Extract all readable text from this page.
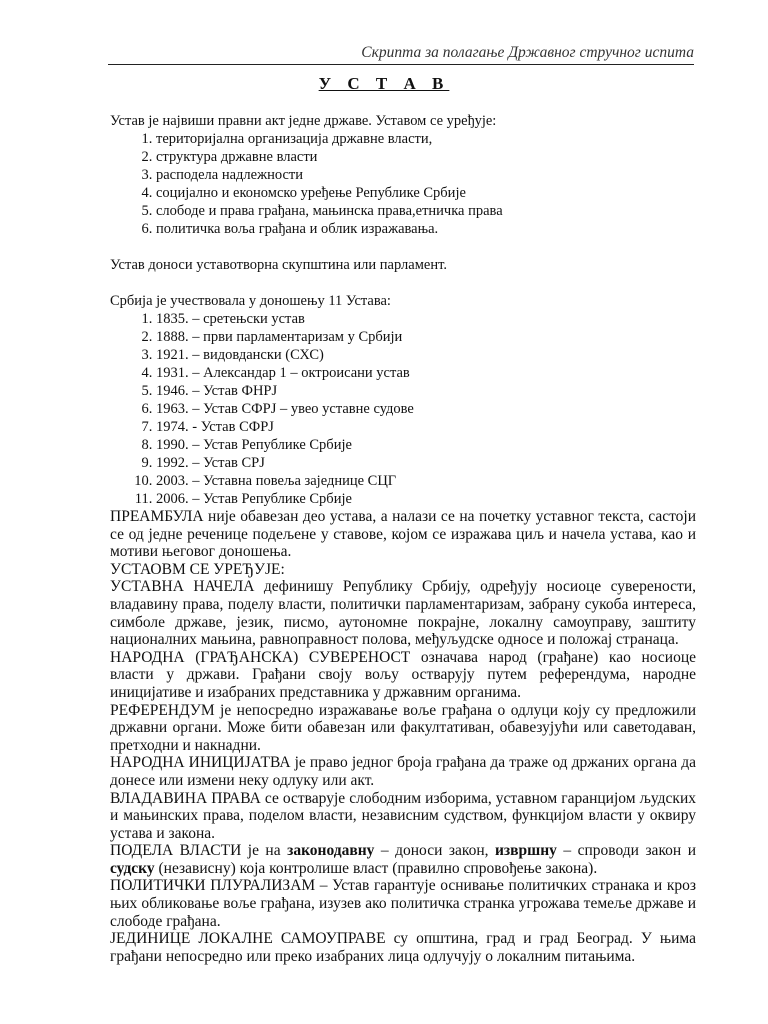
Скрипта за полагање Државног стручног испита
У С Т А В

Устав је највиши правни акт једне државе. Уставом се уређује:

1. територијална организација државне власти,
2. структура државне власти
3. расподела надлежности
4. социјално и економско уређење Републике Србије
5. слободе и права грађана, мањинска права,етничка права
6. политичка воља грађана и облик изражавања.

Устав доноси уставотворна скупштина или парламент.

Србија је учествовала у доношењу 11 Устава:

1. 1835. – сретењски устав
2. 1888. – први парламентаризам у Србији
3. 1921. – видовдански (СХС)
4. 1931. – Александар 1 – октроисани устав
5. 1946. – Устав ФНРЈ
6. 1963. – Устав СФРЈ – увео уставне судове
7. 1974. - Устав СФРЈ
8. 1990. – Устав Републике Србије
9. 1992. – Устав СРЈ
10. 2003. – Уставна повеља заједнице СЦГ
11. 2006. – Устав Републике Србије

ПРЕАМБУЛА није обавезан део устава, а налази се на почетку уставног текста, састоји се од једне реченице подељене у ставове, којом се изражава циљ и начела устава, као и мотиви његовог доношења.

УСТАОВМ СЕ УРЕЂУЈЕ:

УСТАВНА НАЧЕЛА дефинишу Републику Србију, одређују носиоце суверености, владавину права, поделу власти, политички парламентаризам, забрану сукоба интереса, симболе државе, језик, писмо, аутономне покрајне, локалну самоуправу, заштиту националних мањина, равноправност полова, међуљудске односе и положај странаца.

НАРОДНА (ГРАЂАНСКА) СУВЕРЕНОСТ означава народ (грађане) као носиоце власти у држави. Грађани своју вољу остварују путем референдума, народне иницијативе и изабраних представника у државним органима.

РЕФЕРЕНДУМ је непосредно изражавање воље грађана о одлуци коју су предложили државни органи. Може бити обавезан или факултативан, обавезујући или саветодаван, претходни и накнадни.

НАРОДНА ИНИЦИЈАТВА је право једног броја грађана да траже од држаних органа да донесе или измени неку одлуку или акт.

ВЛАДАВИНА ПРАВА се остварује слободним изборима, уставном гаранцијом људских и мањинских права, поделом власти, независним судством, функцијом власти у оквиру устава и закона.

ПОДЕЛА ВЛАСТИ је на законодавну – доноси закон, извршну – спроводи закон и судску (независну) која контролише власт (правилно спровођење закона).

ПОЛИТИЧКИ ПЛУРАЛИЗАМ – Устав гарантује оснивање политичких странака и кроз њих обликовање воље грађана, изузев ако политичка странка угрожава темеље државе и слободе грађана.

ЈЕДИНИЦЕ ЛОКАЛНЕ САМОУПРАВЕ су општина, град и град Београд. У њима грађани непосредно или преко изабраних лица одлучују о локалним питањима.
